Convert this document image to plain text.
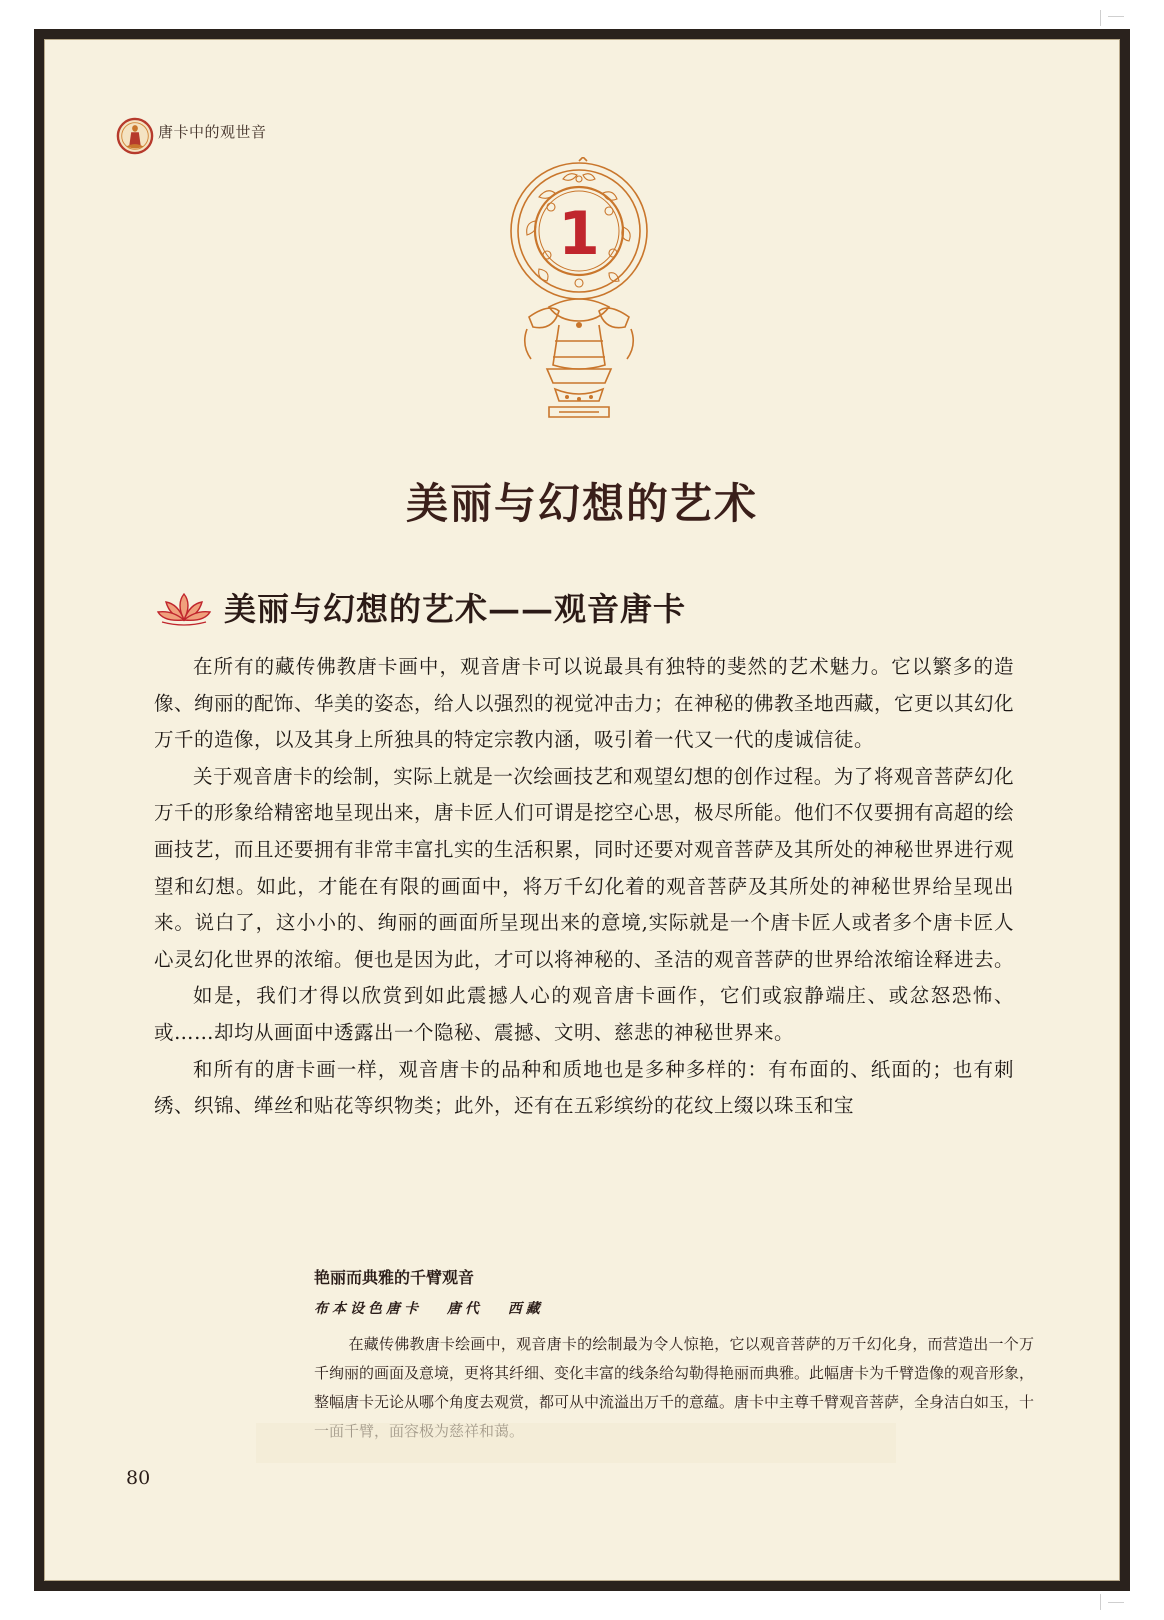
唐卡中的观世音
1
美丽与幻想的艺术
美丽与幻想的艺术——观音唐卡

在所有的藏传佛教唐卡画中，观音唐卡可以说最具有独特的斐然的艺术魅力。它以繁多的造像、绚丽的配饰、华美的姿态，给人以强烈的视觉冲击力；在神秘的佛教圣地西藏，它更以其幻化万千的造像，以及其身上所独具的特定宗教内涵，吸引着一代又一代的虔诚信徒。

关于观音唐卡的绘制，实际上就是一次绘画技艺和观望幻想的创作过程。为了将观音菩萨幻化万千的形象给精密地呈现出来，唐卡匠人们可谓是挖空心思，极尽所能。他们不仅要拥有高超的绘画技艺，而且还要拥有非常丰富扎实的生活积累，同时还要对观音菩萨及其所处的神秘世界进行观望和幻想。如此，才能在有限的画面中，将万千幻化着的观音菩萨及其所处的神秘世界给呈现出来。说白了，这小小的、绚丽的画面所呈现出来的意境,实际就是一个唐卡匠人或者多个唐卡匠人心灵幻化世界的浓缩。便也是因为此，才可以将神秘的、圣洁的观音菩萨的世界给浓缩诠释进去。

如是，我们才得以欣赏到如此震撼人心的观音唐卡画作，它们或寂静端庄、或忿怒恐怖、或……却均从画面中透露出一个隐秘、震撼、文明、慈悲的神秘世界来。

和所有的唐卡画一样，观音唐卡的品种和质地也是多种多样的：有布面的、纸面的；也有刺绣、织锦、缂丝和贴花等织物类；此外，还有在五彩缤纷的花纹上缀以珠玉和宝

艳丽而典雅的千臂观音
布本设色唐卡 唐代 西藏

在藏传佛教唐卡绘画中，观音唐卡的绘制最为令人惊艳，它以观音菩萨的万千幻化身，而营造出一个万千绚丽的画面及意境，更将其纤细、变化丰富的线条给勾勒得艳丽而典雅。此幅唐卡为千臂造像的观音形象，整幅唐卡无论从哪个角度去观赏，都可从中流溢出万千的意蕴。唐卡中主尊千臂观音菩萨，全身洁白如玉，十

80
